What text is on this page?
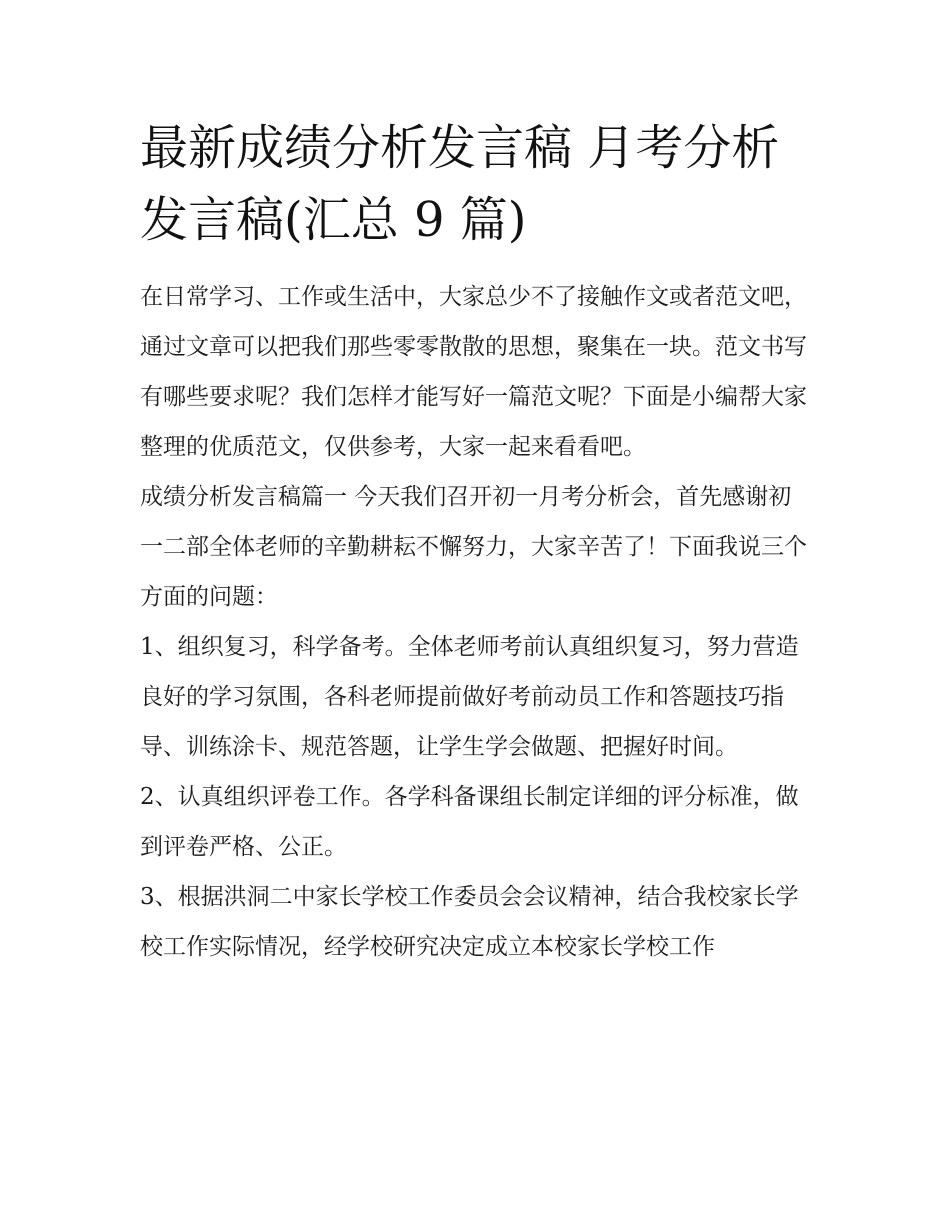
最新成绩分析发言稿 月考分析发言稿(汇总 9 篇)

在日常学习、工作或生活中，大家总少不了接触作文或者范文吧，通过文章可以把我们那些零零散散的思想，聚集在一块。范文书写有哪些要求呢？我们怎样才能写好一篇范文呢？下面是小编帮大家整理的优质范文，仅供参考，大家一起来看看吧。

成绩分析发言稿篇一 今天我们召开初一月考分析会，首先感谢初一二部全体老师的辛勤耕耘不懈努力，大家辛苦了！下面我说三个方面的问题：

1、组织复习，科学备考。全体老师考前认真组织复习，努力营造良好的学习氛围，各科老师提前做好考前动员工作和答题技巧指导、训练涂卡、规范答题，让学生学会做题、把握好时间。

2、认真组织评卷工作。各学科备课组长制定详细的评分标准，做到评卷严格、公正。

3、根据洪洞二中家长学校工作委员会会议精神，结合我校家长学校工作实际情况，经学校研究决定成立本校家长学校工作
